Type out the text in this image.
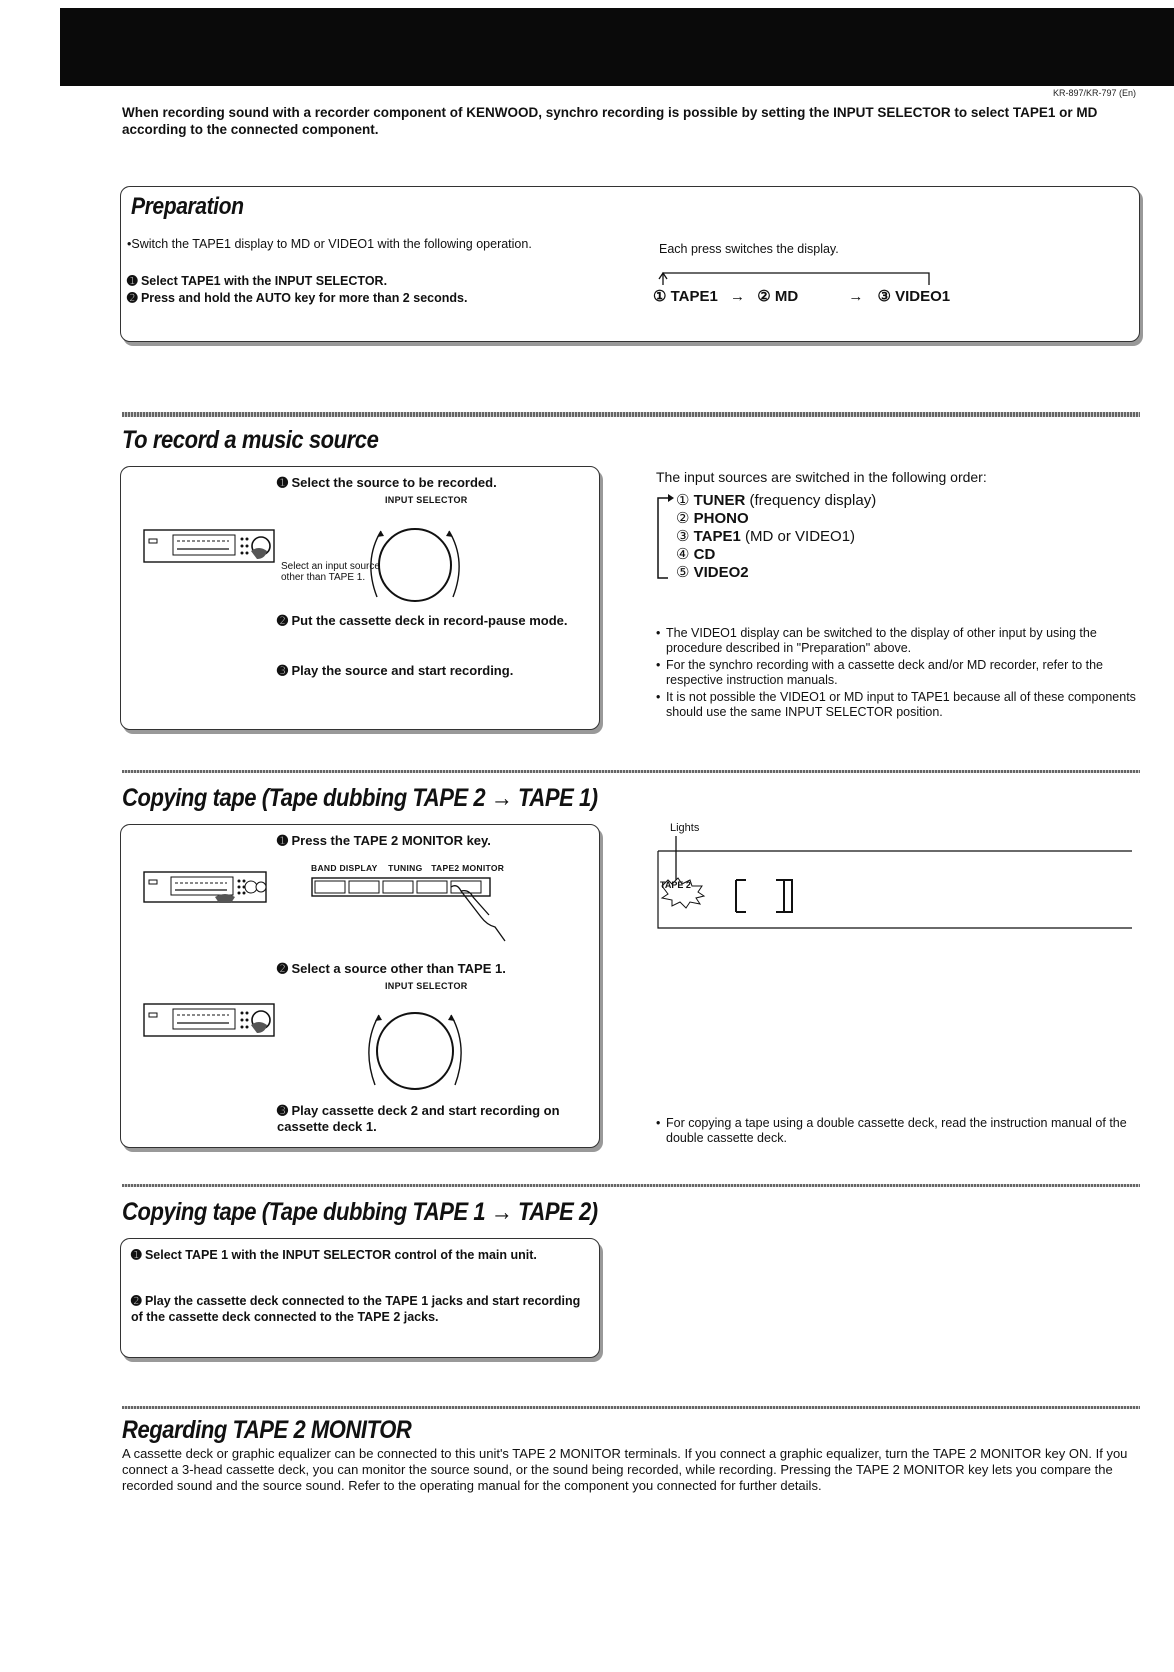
KR-897/KR-797 (En)
When recording sound with a recorder component of KENWOOD, synchro recording is possible by setting the INPUT SELECTOR to select TAPE1 or MD according to the connected component.
Preparation
•Switch the TAPE1 display to MD or VIDEO1 with the following operation.
➊ Select TAPE1 with the INPUT SELECTOR.
➋ Press and hold the AUTO key for more than 2 seconds.
Each press switches the display.
① TAPE1 → ② MD	→ ③ VIDEO1
To record a music source
➊ Select the source to be recorded.
INPUT SELECTOR
Select an input source other than TAPE 1.
➋ Put the cassette deck in record-pause mode.
➌ Play the source and start recording.
The input sources are switched in the following order:
① TUNER (frequency display)
② PHONO
③ TAPE1 (MD or VIDEO1)
④ CD
⑤ VIDEO2
• The VIDEO1 display can be switched to the display of other input by using the procedure described in "Preparation" above.
• For the synchro recording with a cassette deck and/or MD recorder, refer to the respective instruction manuals.
• It is not possible the VIDEO1 or MD input to TAPE1 because all of these components should use the same INPUT SELECTOR position.
Copying tape (Tape dubbing TAPE 2 → TAPE 1)
➊ Press the TAPE 2 MONITOR key.
BAND DISPLAY TUNING TAPE2 MONITOR
➋ Select a source other than TAPE 1.
INPUT SELECTOR
➌ Play cassette deck 2 and start recording on cassette deck 1.
Lights
TAPE 2
• For copying a tape using a double cassette deck, read the instruction manual of the double cassette deck.
Copying tape (Tape dubbing TAPE 1 → TAPE 2)
➊ Select TAPE 1 with the INPUT SELECTOR control of the main unit.
➋ Play the cassette deck connected to the TAPE 1 jacks and start recording of the cassette deck connected to the TAPE 2 jacks.
Regarding TAPE 2 MONITOR
A cassette deck or graphic equalizer can be connected to this unit's TAPE 2 MONITOR terminals. If you connect a graphic equalizer, turn the TAPE 2 MONITOR key ON. If you connect a 3-head cassette deck, you can monitor the source sound, or the sound being recorded, while recording. Pressing the TAPE 2 MONITOR key lets you compare the recorded sound and the source sound. Refer to the operating manual for the component you connected for further details.
